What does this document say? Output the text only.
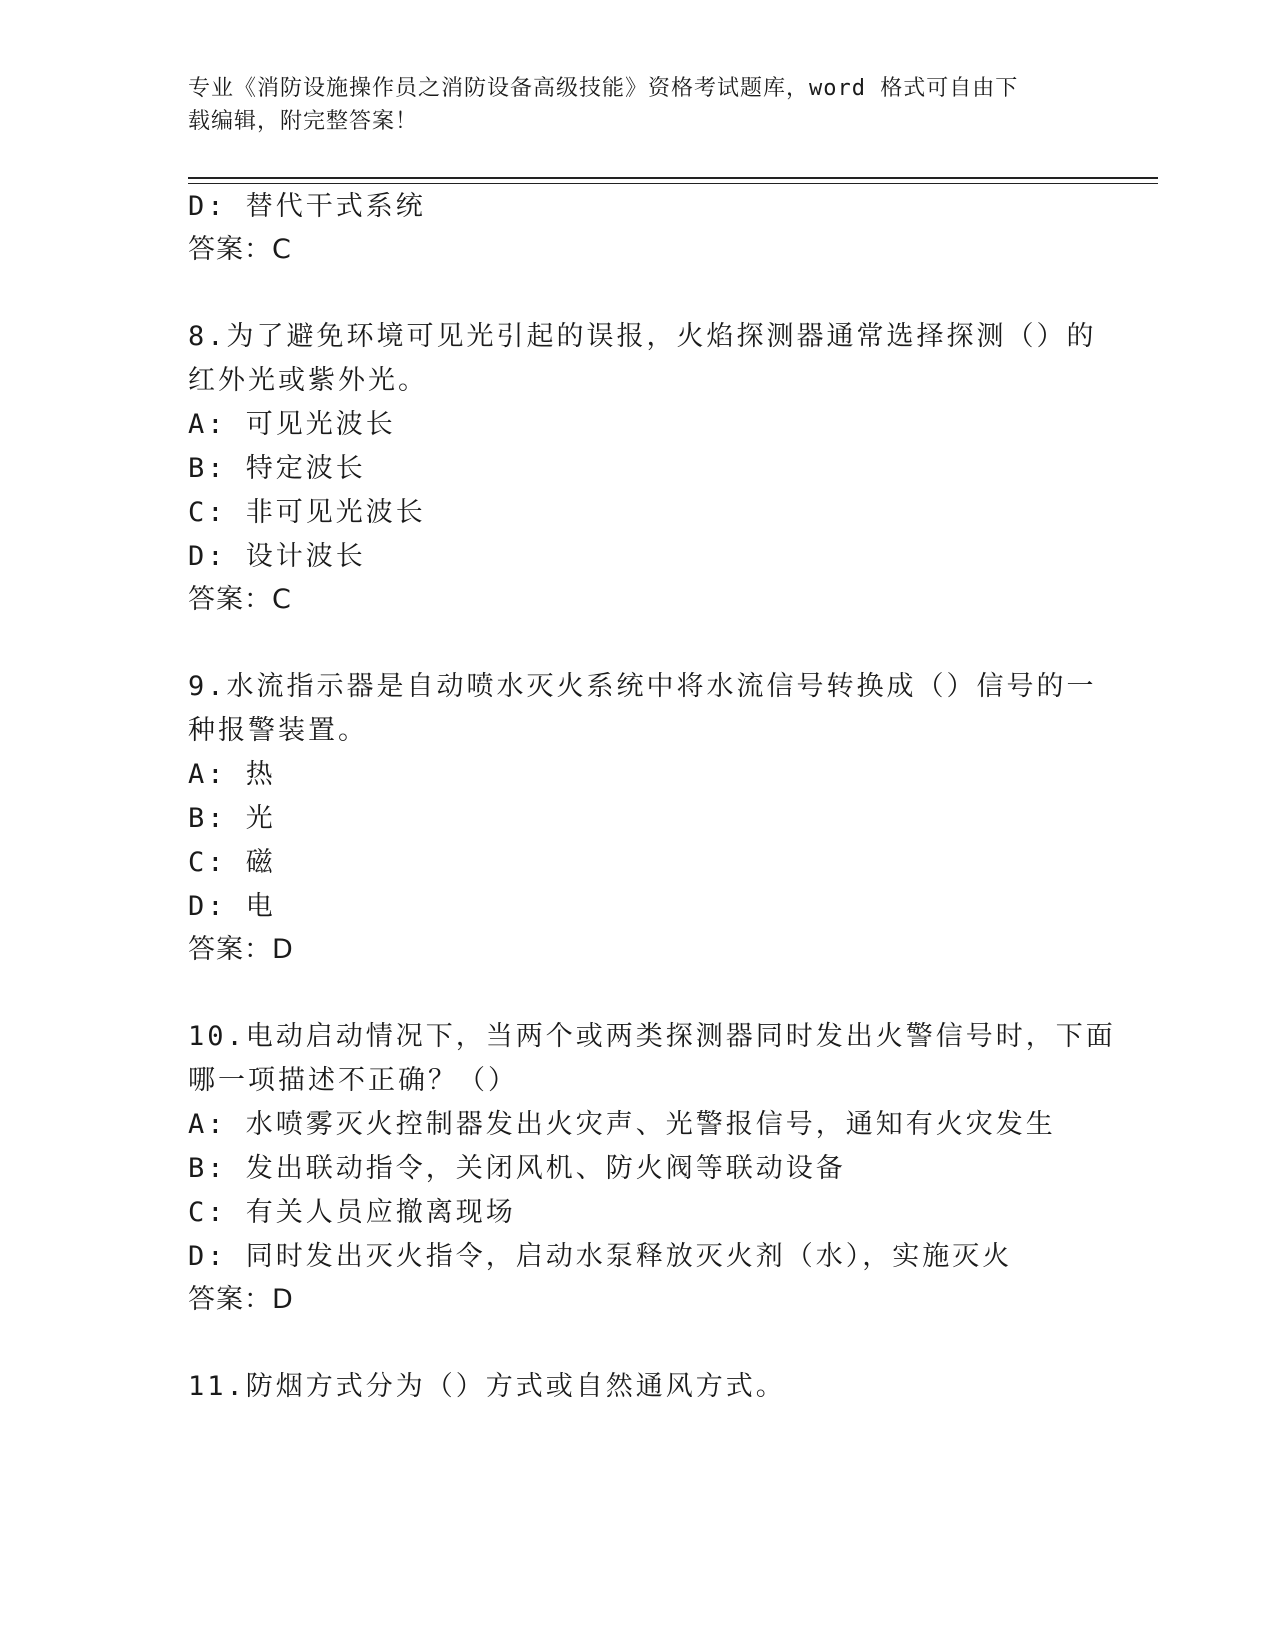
专业《消防设施操作员之消防设备高级技能》资格考试题库，word 格式可自由下
载编辑，附完整答案！
D: 替代干式系统
答案：C
8.为了避免环境可见光引起的误报，火焰探测器通常选择探测（）的
红外光或紫外光。
A: 可见光波长
B: 特定波长
C: 非可见光波长
D: 设计波长
答案：C
9.水流指示器是自动喷水灭火系统中将水流信号转换成（）信号的一
种报警装置。
A: 热
B: 光
C: 磁
D: 电
答案：D
10.电动启动情况下，当两个或两类探测器同时发出火警信号时，下面
哪一项描述不正确？（）
A: 水喷雾灭火控制器发出火灾声、光警报信号，通知有火灾发生
B: 发出联动指令，关闭风机、防火阀等联动设备
C: 有关人员应撤离现场
D: 同时发出灭火指令，启动水泵释放灭火剂（水），实施灭火
答案：D
11.防烟方式分为（）方式或自然通风方式。
